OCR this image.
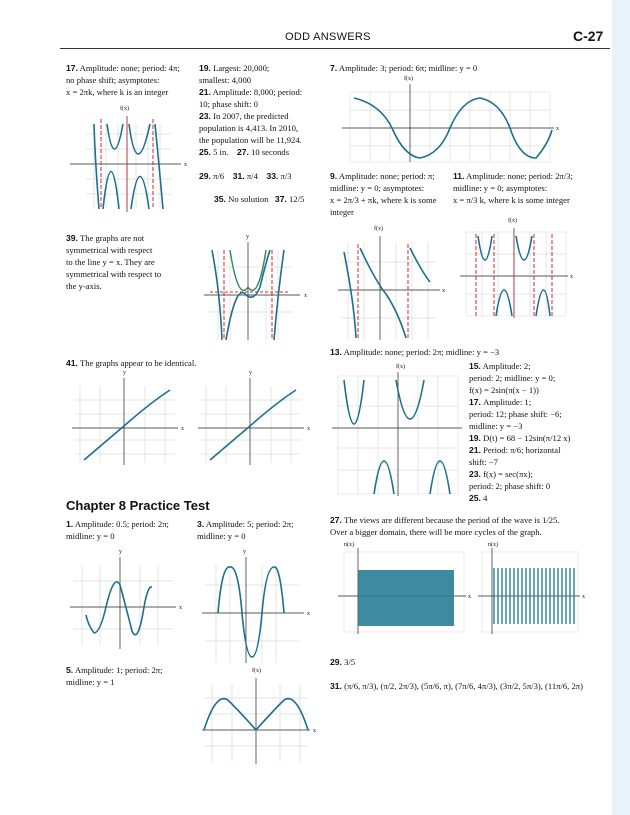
ODD ANSWERS	C-27
17. Amplitude: none; period: 4π;
no phase shift; asymptotes:
x = 2πk, where k is an integer
f(x)
x
19. Largest: 20,000;
smallest: 4,000
21. Amplitude: 8,000; period:
10; phase shift: 0
23. In 2007, the predicted
population is 4,413. In 2010,
the population will be 11,924.
25. 5 in. 27. 10 seconds
29. π/6 31. π/4 33. π/3
35. No solution 37. 12/5
39. The graphs are not
symmetrical with respect
to the line y = x. They are
symmetrical with respect to
the y-axis.
y
x
41. The graphs appear to be identical.
y
x
y
x
Chapter 8 Practice Test
1. Amplitude: 0.5; period: 2π;
midline: y = 0
3. Amplitude: 5; period: 2π;
midline: y = 0
y
x
y
x
5. Amplitude: 1; period: 2π;
midline: y = 1
f(x)
x
7. Amplitude: 3; period: 6π; midline: y = 0
f(x)
x
9. Amplitude: none; period: π;
midline: y = 0; asymptotes:
x = 2π/3 + πk, where k is some
integer
11. Amplitude: none; period: 2π/3;
midline: y = 0; asymptotes:
x = π/3 k, where k is some integer
f(x)
x
f(x)
x
13. Amplitude: none; period: 2π; midline: y = −3
f(x)	15. Amplitude: 2;
period: 2; midline: y = 0;
f(x) = 2sin(π(x − 1))
17. Amplitude: 1;
period: 12; phase shift: −6;
midline: y = −3
19. D(t) = 68 − 12sin(π/12 x)
21. Period: π/6; horizontal
shift: −7
23. f(x) = sec(πx);
period: 2; phase shift: 0
25. 4
27. The views are different because the period of the wave is 1/25.
Over a bigger domain, there will be more cycles of the graph.
n(x)
x
n(x)
x
29. 3/5
31. (π/6, π/3), (π/2, 2π/3), (5π/6, π), (7π/6, 4π/3), (3π/2, 5π/3), (11π/6, 2π)
